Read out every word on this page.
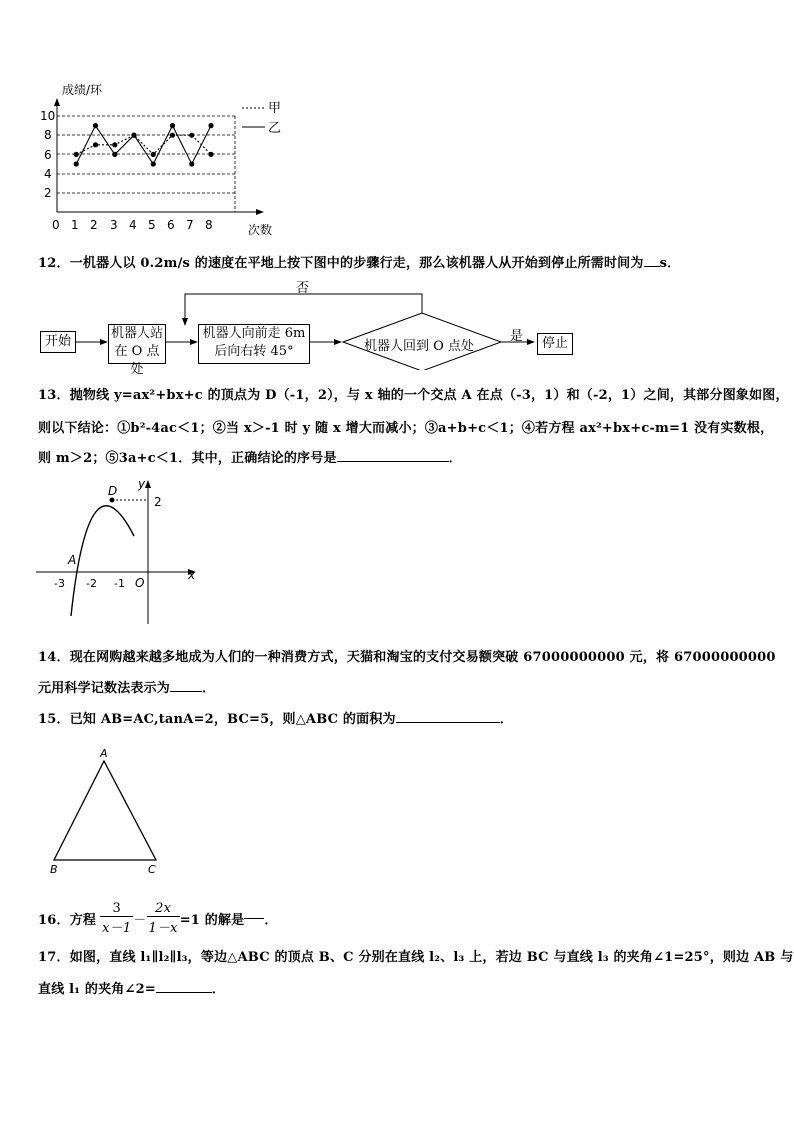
成绩/环
10
8
6
4
2
0 1 2 3 4 5 6 7 8	次数
甲
乙
12．一机器人以 0.2m/s 的速度在平地上按下图中的步骤行走，那么该机器人从开始到停止所需时间为 s．
否
是
开始
机器人站
在 O 点处
机器人向前走 6m
后向右转 45°	机器人回到 O 点处	停止
13．抛物线 y=ax²+bx+c 的顶点为 D（-1，2），与 x 轴的一个交点 A 在点（-3，1）和（-2，1）之间，其部分图象如图，
则以下结论：①b²-4ac＜1；②当 x＞-1 时 y 随 x 增大而减小；③a+b+c＜1；④若方程 ax²+bx+c-m=1 没有实数根，
则 m＞2；⑤3a+c＜1．其中，正确结论的序号是	．
x
y
D
2
A
-3 -2 -1 O
14．现在网购越来越多地成为人们的一种消费方式，天猫和淘宝的支付交易额突破 67000000000 元，将 67000000000
元用科学记数法表示为 ．
15．已知 AB=AC,tanA=2，BC=5，则△ABC 的面积为	．
A
B	C
16．方程 $\frac{3}{x-1} - \frac{2x}{1-x} =1$ 的解是 ．
17．如图，直线 l₁∥l₂∥l₃，等边△ABC 的顶点 B、C 分别在直线 l₂、l₃ 上，若边 BC 与直线 l₃ 的夹角∠1=25°，则边 AB 与
直线 l₁ 的夹角∠2=	．
